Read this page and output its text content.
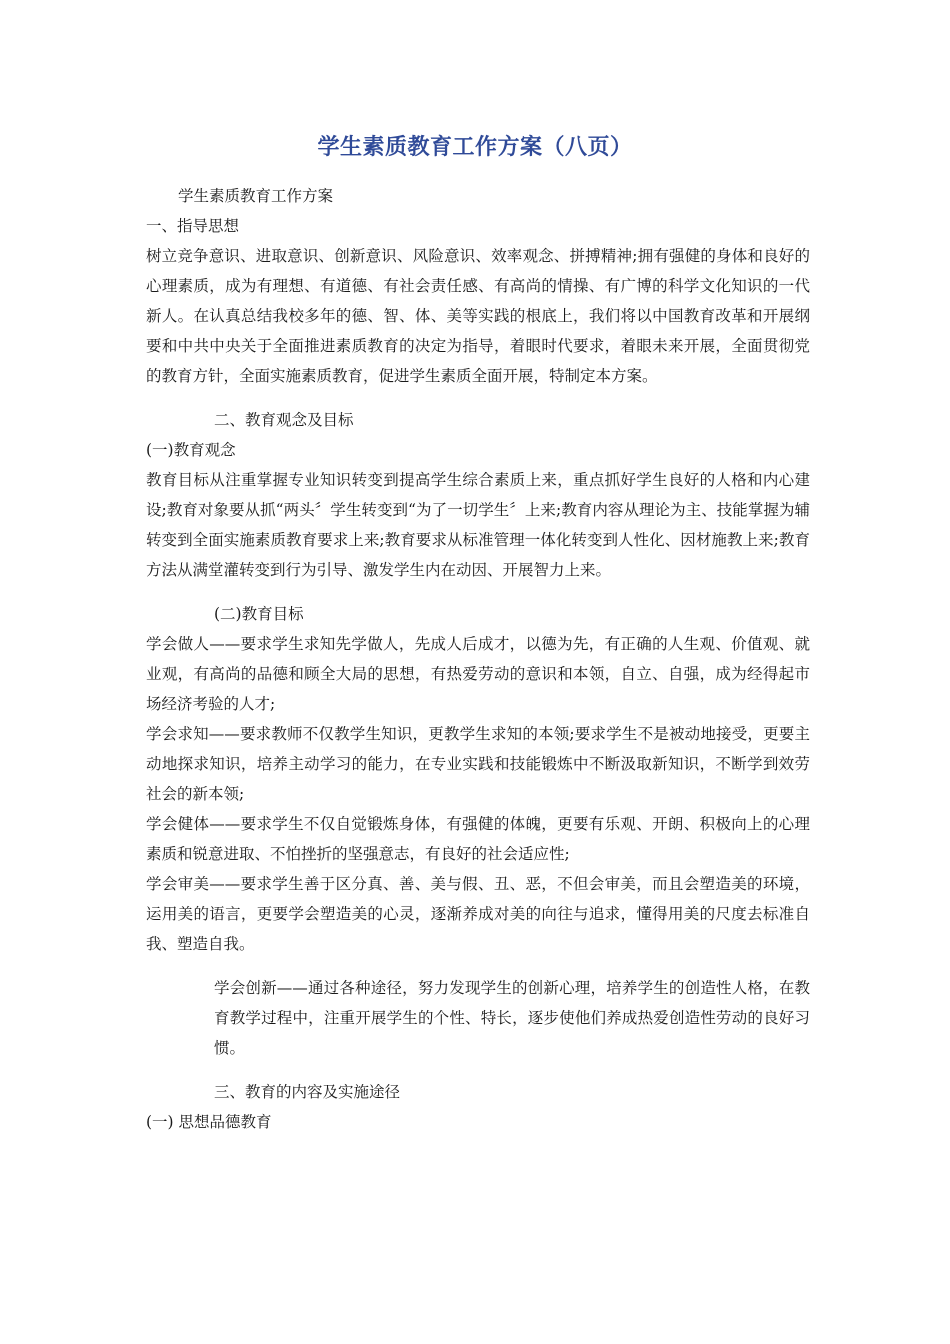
学生素质教育工作方案（八页）

学生素质教育工作方案

一、指导思想

树立竞争意识、进取意识、创新意识、风险意识、效率观念、拼搏精神;拥有强健的身体和良好的心理素质，成为有理想、有道德、有社会责任感、有高尚的情操、有广博的科学文化知识的一代新人。在认真总结我校多年的德、智、体、美等实践的根底上，我们将以中国教育改革和开展纲要和中共中央关于全面推进素质教育的决定为指导，着眼时代要求，着眼未来开展，全面贯彻党的教育方针，全面实施素质教育，促进学生素质全面开展，特制定本方案。

二、教育观念及目标

(一)教育观念

教育目标从注重掌握专业知识转变到提高学生综合素质上来，重点抓好学生良好的人格和内心建设;教育对象要从抓“两头〞学生转变到“为了一切学生〞上来;教育内容从理论为主、技能掌握为辅转变到全面实施素质教育要求上来;教育要求从标准管理一体化转变到人性化、因材施教上来;教育方法从满堂灌转变到行为引导、激发学生内在动因、开展智力上来。

(二)教育目标

学会做人——要求学生求知先学做人，先成人后成才，以德为先，有正确的人生观、价值观、就业观，有高尚的品德和顾全大局的思想，有热爱劳动的意识和本领，自立、自强，成为经得起市场经济考验的人才;

学会求知——要求教师不仅教学生知识，更教学生求知的本领;要求学生不是被动地接受，更要主动地探求知识，培养主动学习的能力，在专业实践和技能锻炼中不断汲取新知识，不断学到效劳社会的新本领;

学会健体——要求学生不仅自觉锻炼身体，有强健的体魄，更要有乐观、开朗、积极向上的心理素质和锐意进取、不怕挫折的坚强意志，有良好的社会适应性;

学会审美——要求学生善于区分真、善、美与假、丑、恶，不但会审美，而且会塑造美的环境，运用美的语言，更要学会塑造美的心灵，逐渐养成对美的向往与追求，懂得用美的尺度去标准自我、塑造自我。

学会创新——通过各种途径，努力发现学生的创新心理，培养学生的创造性人格，在教育教学过程中，注重开展学生的个性、特长，逐步使他们养成热爱创造性劳动的良好习惯。

三、教育的内容及实施途径

(一) 思想品德教育
